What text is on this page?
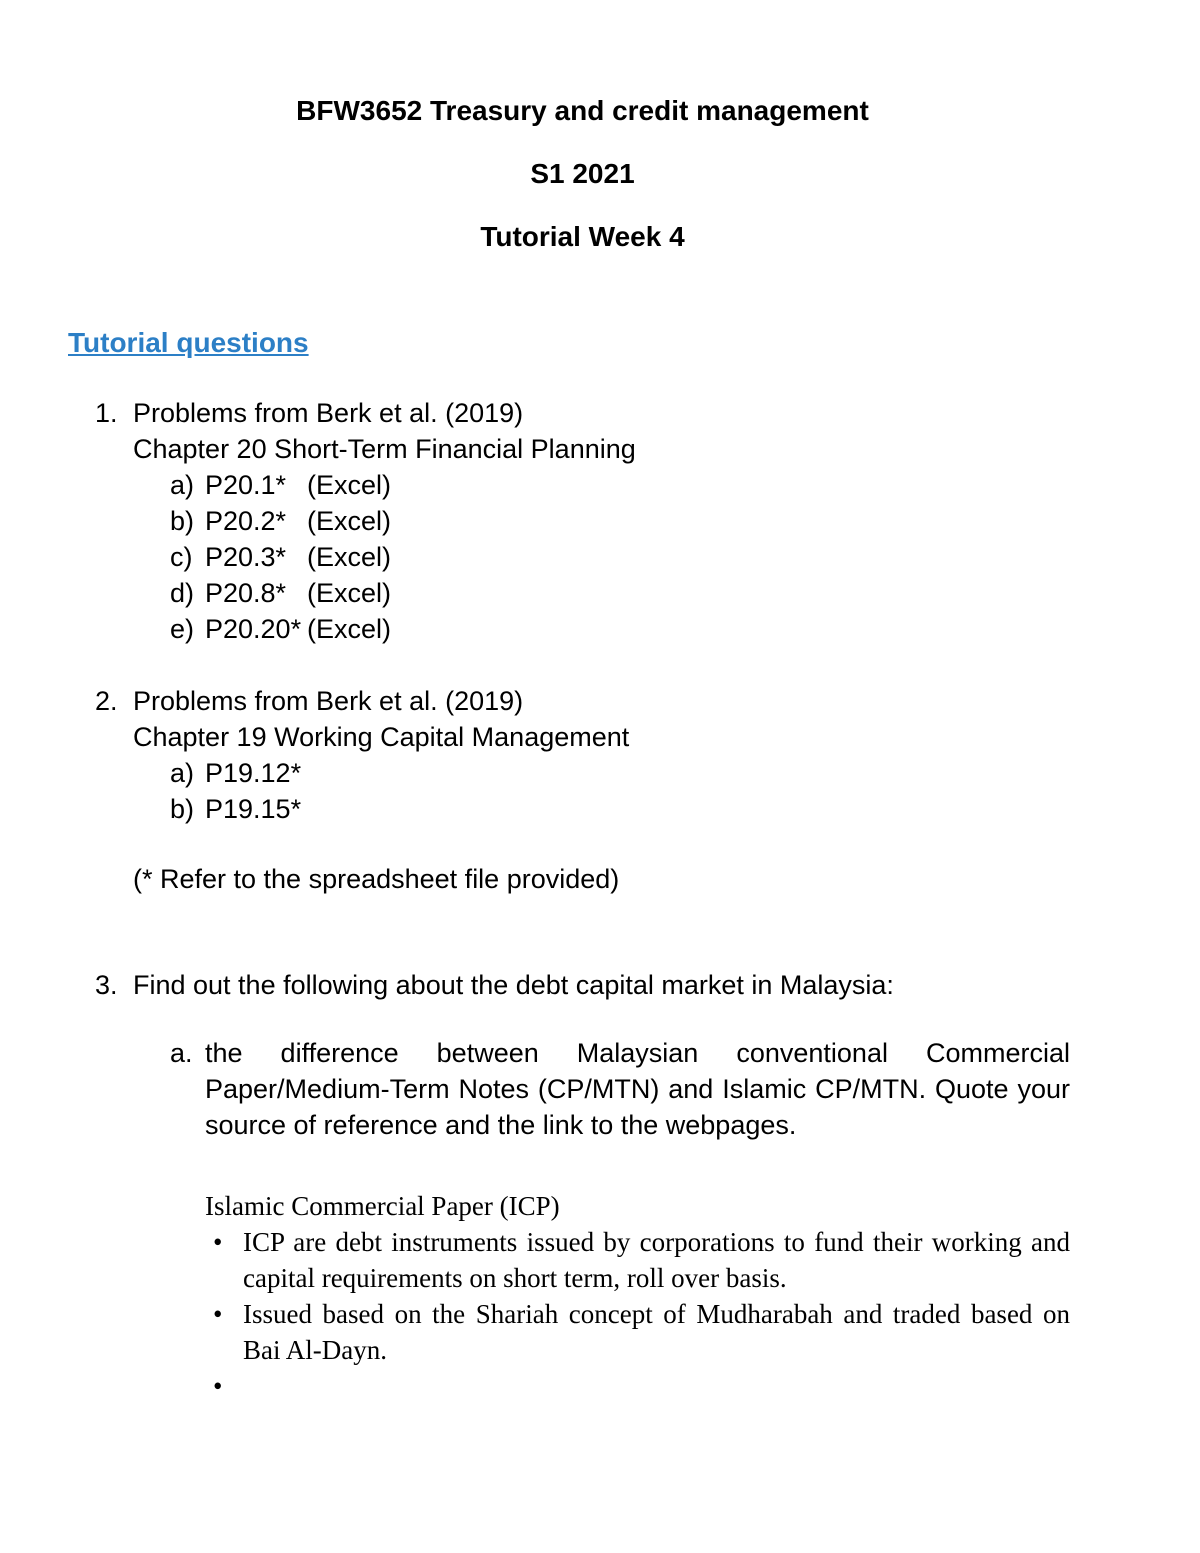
BFW3652 Treasury and credit management
S1 2021
Tutorial Week 4
Tutorial questions
1. Problems from Berk et al. (2019)
Chapter 20 Short-Term Financial Planning
a) P20.1* (Excel)
b) P20.2* (Excel)
c) P20.3* (Excel)
d) P20.8* (Excel)
e) P20.20* (Excel)
2. Problems from Berk et al. (2019)
Chapter 19 Working Capital Management
a) P19.12*
b) P19.15*
(* Refer to the spreadsheet file provided)
3. Find out the following about the debt capital market in Malaysia:
a. the difference between Malaysian conventional Commercial Paper/Medium-Term Notes (CP/MTN) and Islamic CP/MTN. Quote your source of reference and the link to the webpages.
Islamic Commercial Paper (ICP)
• ICP are debt instruments issued by corporations to fund their working and capital requirements on short term, roll over basis.
• Issued based on the Shariah concept of Mudharabah and traded based on Bai Al-Dayn.
•
